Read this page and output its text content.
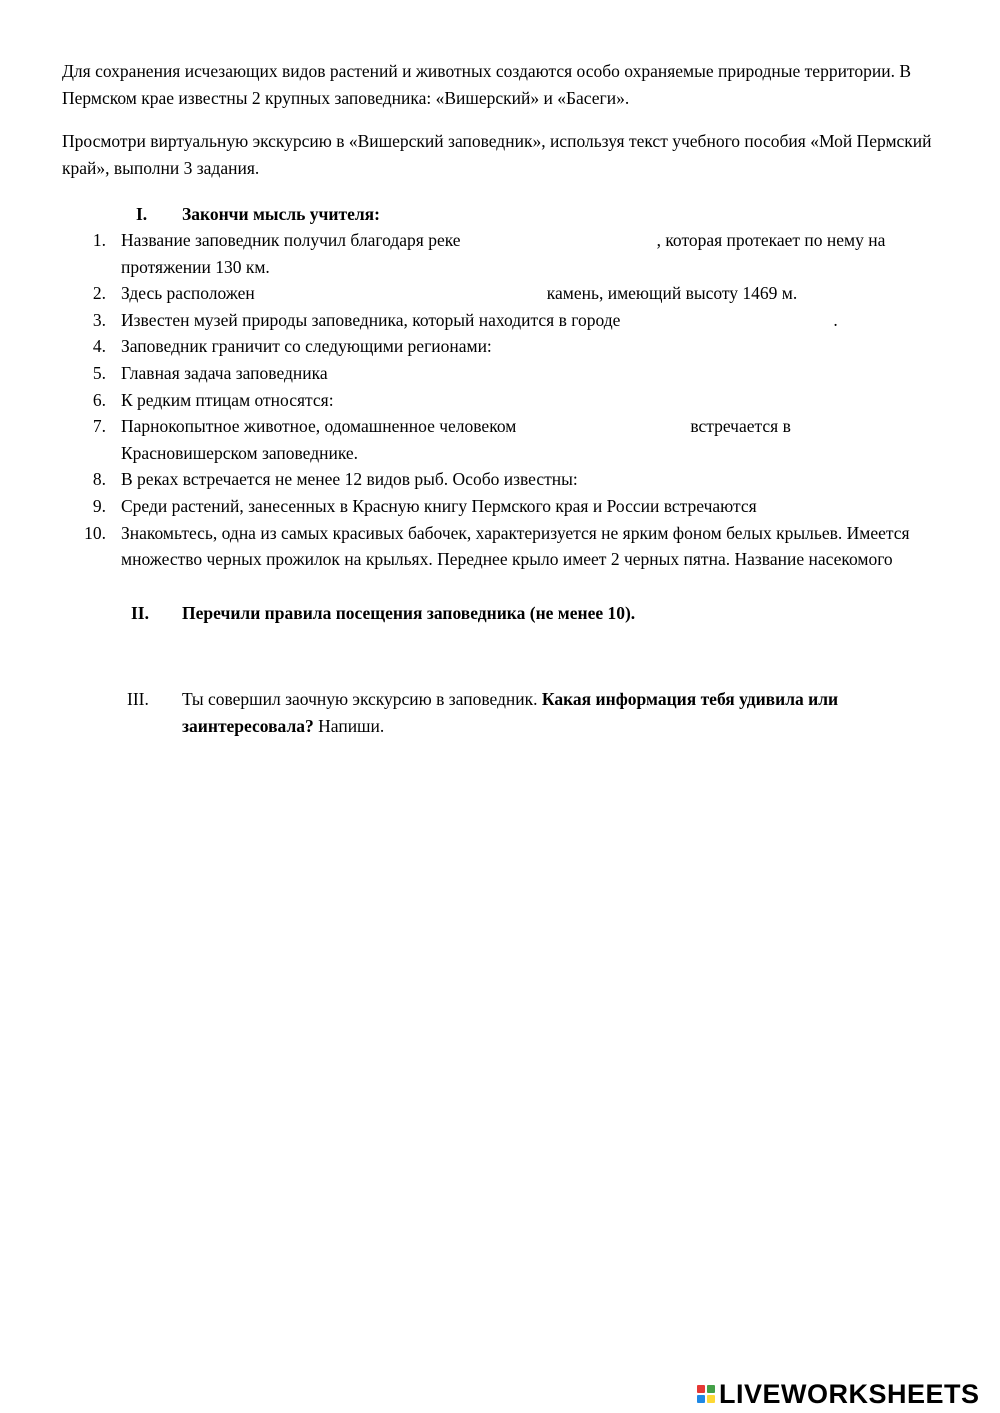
Для сохранения исчезающих видов растений и животных создаются особо охраняемые природные территории. В Пермском крае известны 2 крупных заповедника: «Вишерский» и «Басеги».
Просмотри виртуальную экскурсию в «Вишерский заповедник», используя текст учебного пособия «Мой Пермский край», выполни 3 задания.
I. Закончи мысль учителя:
1. Название заповедник получил благодаря реке	, которая протекает по нему на протяжении 130 км.
2. Здесь расположен	камень, имеющий высоту 1469 м.
3. Известен музей природы заповедника, который находится в городе	.
4. Заповедник граничит со следующими регионами:
5. Главная задача заповедника
6. К редким птицам относятся:
7. Парнокопытное животное, одомашненное человеком	встречается в Красновишерском заповеднике.
8. В реках встречается не менее 12 видов рыб. Особо известны:
9. Среди растений, занесенных в Красную книгу Пермского края и России встречаются
10. Знакомьтесь, одна из самых красивых бабочек, характеризуется не ярким фоном белых крыльев. Имеется множество черных прожилок на крыльях. Переднее крыло имеет 2 черных пятна. Название насекомого
II. Перечили правила посещения заповедника (не менее 10).
III. Ты совершил заочную экскурсию в заповедник. Какая информация тебя удивила или заинтересовала? Напиши.
LIVEWORKSHEETS
